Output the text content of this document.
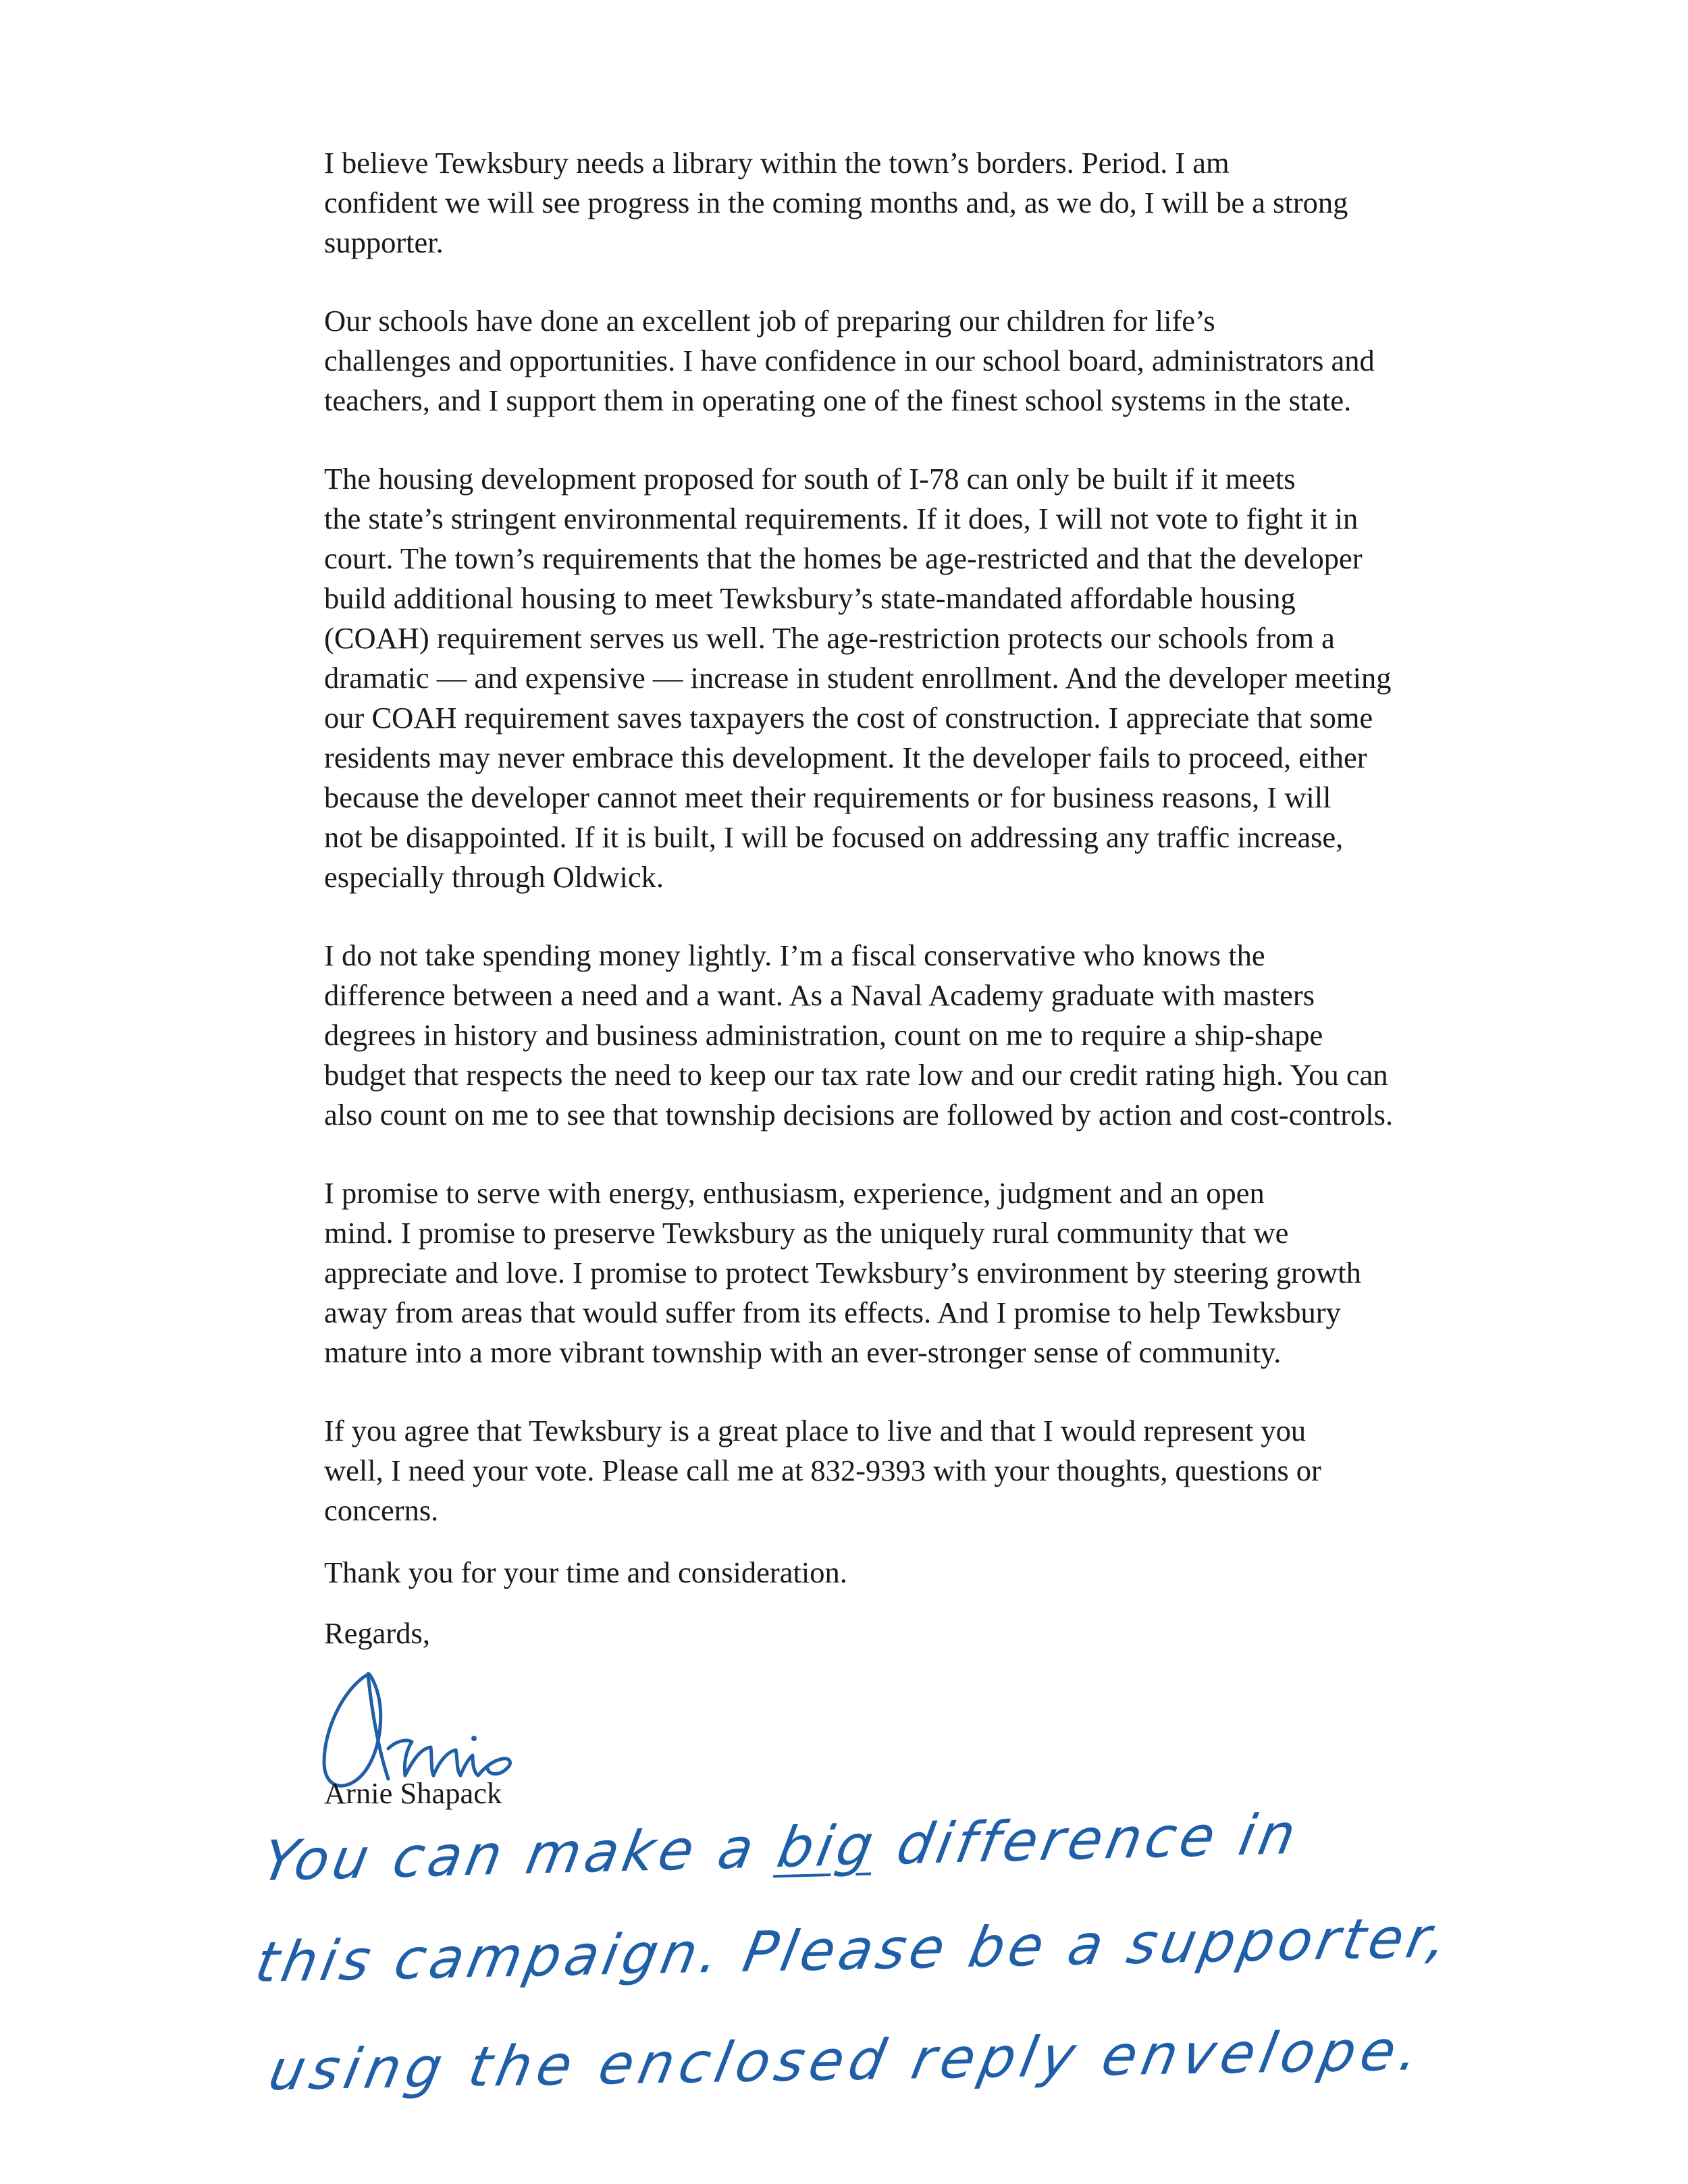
I believe Tewksbury needs a library within the town’s borders. Period. I am
confident we will see progress in the coming months and, as we do, I will be a strong
supporter.

Our schools have done an excellent job of preparing our children for life’s
challenges and opportunities. I have confidence in our school board, administrators and
teachers, and I support them in operating one of the finest school systems in the state.

The housing development proposed for south of I-78 can only be built if it meets
the state’s stringent environmental requirements. If it does, I will not vote to fight it in
court. The town’s requirements that the homes be age-restricted and that the developer
build additional housing to meet Tewksbury’s state-mandated affordable housing
(COAH) requirement serves us well. The age-restriction protects our schools from a
dramatic — and expensive — increase in student enrollment. And the developer meeting
our COAH requirement saves taxpayers the cost of construction. I appreciate that some
residents may never embrace this development. It the developer fails to proceed, either
because the developer cannot meet their requirements or for business reasons, I will
not be disappointed. If it is built, I will be focused on addressing any traffic increase,
especially through Oldwick.

I do not take spending money lightly. I’m a fiscal conservative who knows the
difference between a need and a want. As a Naval Academy graduate with masters
degrees in history and business administration, count on me to require a ship-shape
budget that respects the need to keep our tax rate low and our credit rating high. You can
also count on me to see that township decisions are followed by action and cost-controls.

I promise to serve with energy, enthusiasm, experience, judgment and an open
mind. I promise to preserve Tewksbury as the uniquely rural community that we
appreciate and love. I promise to protect Tewksbury’s environment by steering growth
away from areas that would suffer from its effects. And I promise to help Tewksbury
mature into a more vibrant township with an ever-stronger sense of community.

If you agree that Tewksbury is a great place to live and that I would represent you
well, I need your vote. Please call me at 832-9393 with your thoughts, questions or
concerns.

Thank you for your time and consideration.
Regards,
Arnie Shapack
You can make a big difference in
this campaign. Please be a supporter,
using the enclosed reply envelope.
